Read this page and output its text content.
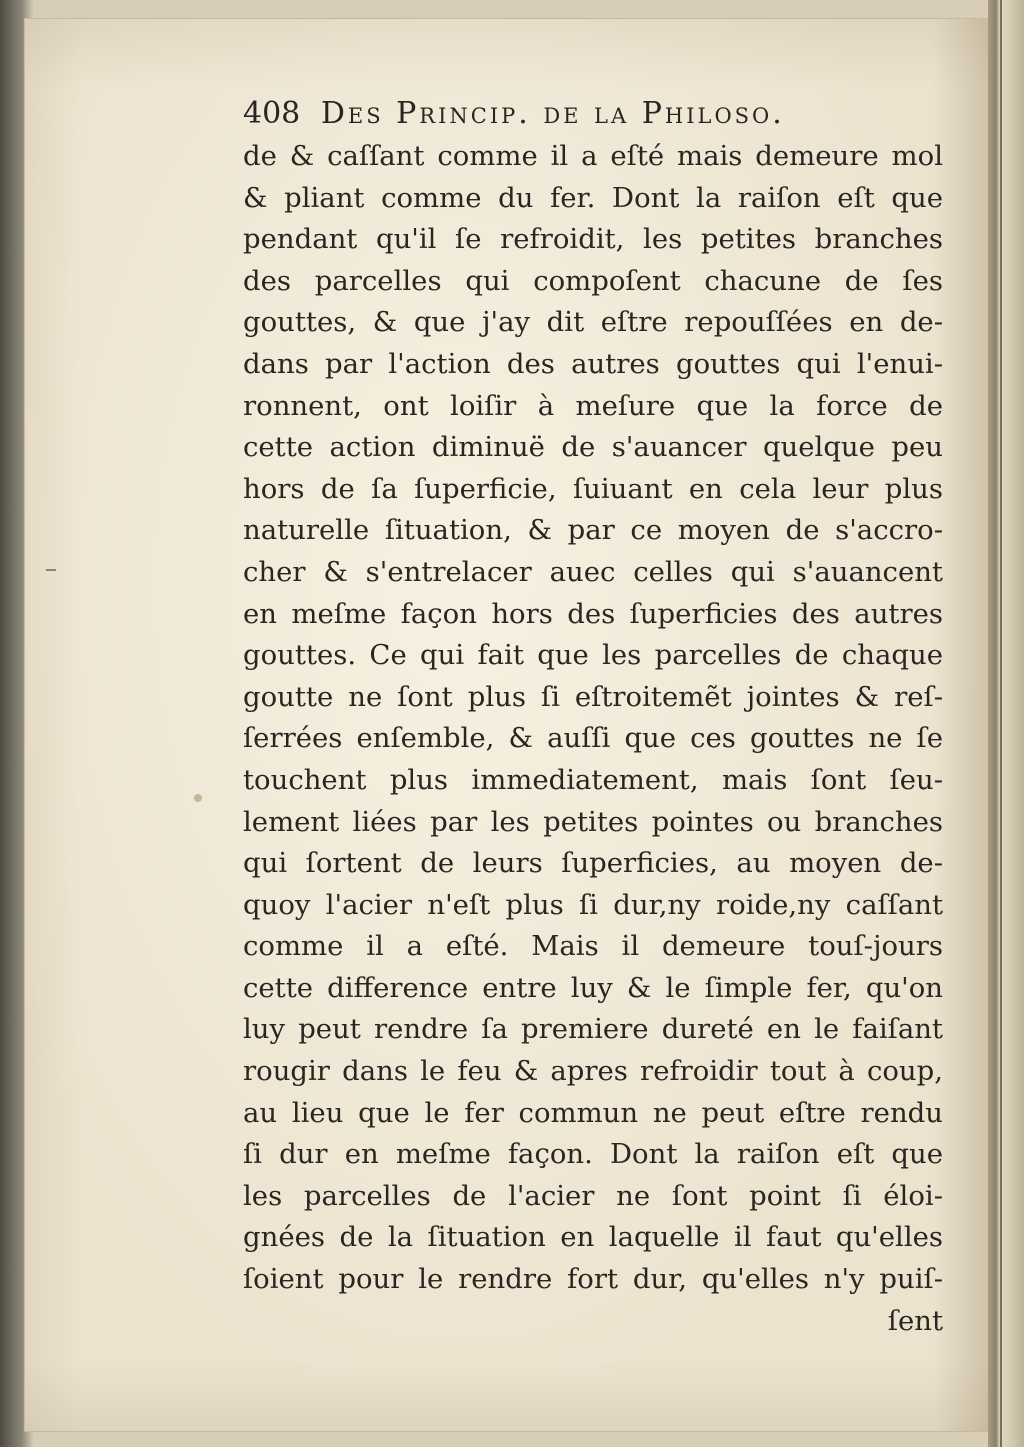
408 Des Princip. de la Philoso.
de & caſſant comme il a eſté mais demeure mol
& pliant comme du fer. Dont la raiſon eſt que
pendant qu'il ſe refroidit, les petites branches
des parcelles qui compoſent chacune de ſes
gouttes, & que j'ay dit eſtre repouſſées en de-
dans par l'action des autres gouttes qui l'enui-
ronnent, ont loiſir à meſure que la force de
cette action diminuë de s'auancer quelque peu
hors de ſa ſuperficie, ſuiuant en cela leur plus
naturelle ſituation, & par ce moyen de s'accro-
cher & s'entrelacer auec celles qui s'auancent
en meſme façon hors des ſuperficies des autres
gouttes. Ce qui fait que les parcelles de chaque
goutte ne ſont plus ſi eſtroitemẽt jointes & reſ-
ſerrées enſemble, & auſſi que ces gouttes ne ſe
touchent plus immediatement, mais ſont ſeu-
lement liées par les petites pointes ou branches
qui ſortent de leurs ſuperficies, au moyen de-
quoy l'acier n'eſt plus ſi dur,ny roide,ny caſſant
comme il a eſté. Mais il demeure touſ-jours
cette difference entre luy & le ſimple fer, qu'on
luy peut rendre ſa premiere dureté en le faiſant
rougir dans le feu & apres refroidir tout à coup,
au lieu que le fer commun ne peut eſtre rendu
ſi dur en meſme façon. Dont la raiſon eſt que
les parcelles de l'acier ne ſont point ſi éloi-
gnées de la ſituation en laquelle il faut qu'elles
ſoient pour le rendre fort dur, qu'elles n'y puiſ-
ſent
